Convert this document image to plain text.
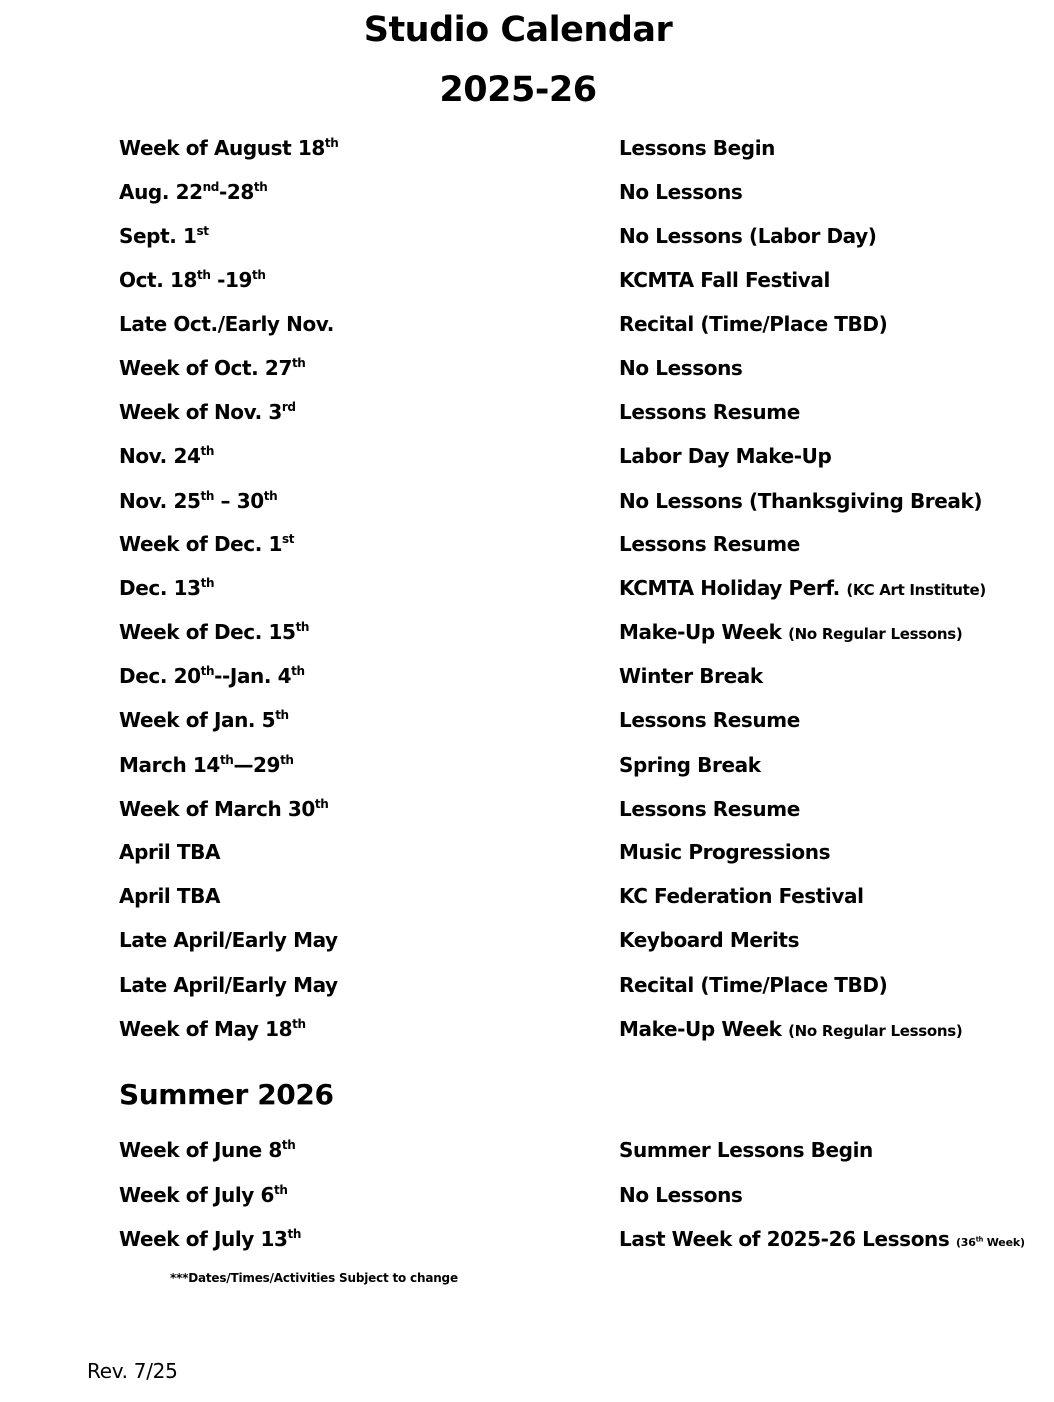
Studio Calendar
2025-26
Week of August 18th	Lessons Begin
Aug. 22nd-28th	No Lessons
Sept. 1st	No Lessons (Labor Day)
Oct. 18th -19th	KCMTA Fall Festival
Late Oct./Early Nov.	Recital (Time/Place TBD)
Week of Oct. 27th	No Lessons
Week of Nov. 3rd	Lessons Resume
Nov. 24th	Labor Day Make-Up
Nov. 25th – 30th	No Lessons (Thanksgiving Break)
Week of Dec. 1st	Lessons Resume
Dec. 13th	KCMTA Holiday Perf. (KC Art Institute)
Week of Dec. 15th	Make-Up Week (No Regular Lessons)
Dec. 20th--Jan. 4th	Winter Break
Week of Jan. 5th	Lessons Resume
March 14th—29th	Spring Break
Week of March 30th	Lessons Resume
April TBA	Music Progressions
April TBA	KC Federation Festival
Late April/Early May	Keyboard Merits
Late April/Early May	Recital (Time/Place TBD)
Week of May 18th	Make-Up Week (No Regular Lessons)
Summer 2026
Week of June 8th	Summer Lessons Begin
Week of July 6th	No Lessons
Week of July 13th	Last Week of 2025-26 Lessons (36th Week)
***Dates/Times/Activities Subject to change
Rev. 7/25
